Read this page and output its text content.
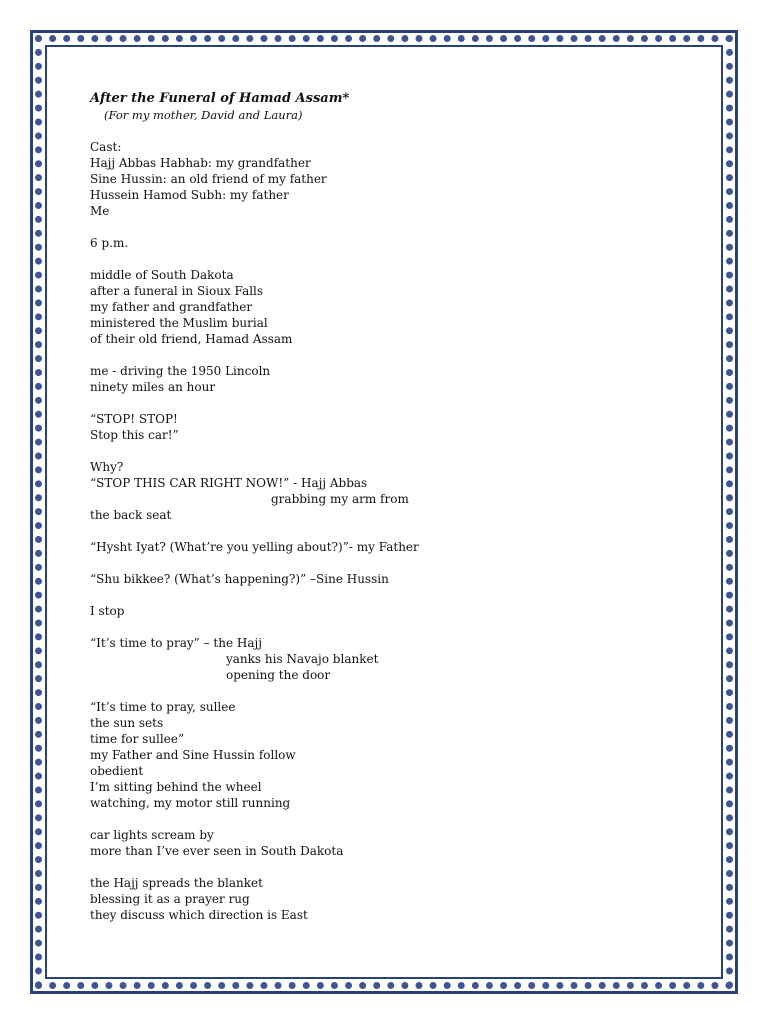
After the Funeral of Hamad Assam*

(For my mother, David and Laura)

Cast:
Hajj Abbas Habhab: my grandfather
Sine Hussin: an old friend of my father
Hussein Hamod Subh: my father
Me
6 p.m.
middle of South Dakota
after a funeral in Sioux Falls
my father and grandfather
ministered the Muslim burial
of their old friend, Hamad Assam
me - driving the 1950 Lincoln
ninety miles an hour
“STOP! STOP!
Stop this car!”
Why?
“STOP THIS CAR RIGHT NOW!” - Hajj Abbas
grabbing my arm from
the back seat
“Hysht Iyat? (What’re you yelling about?)”- my Father
“Shu bikkee? (What’s happening?)” –Sine Hussin
I stop
“It’s time to pray” – the Hajj
yanks his Navajo blanket
opening the door
“It’s time to pray, sullee
the sun sets
time for sullee”
my Father and Sine Hussin follow
obedient
I’m sitting behind the wheel
watching, my motor still running
car lights scream by
more than I’ve ever seen in South Dakota
the Hajj spreads the blanket
blessing it as a prayer rug
they discuss which direction is East
